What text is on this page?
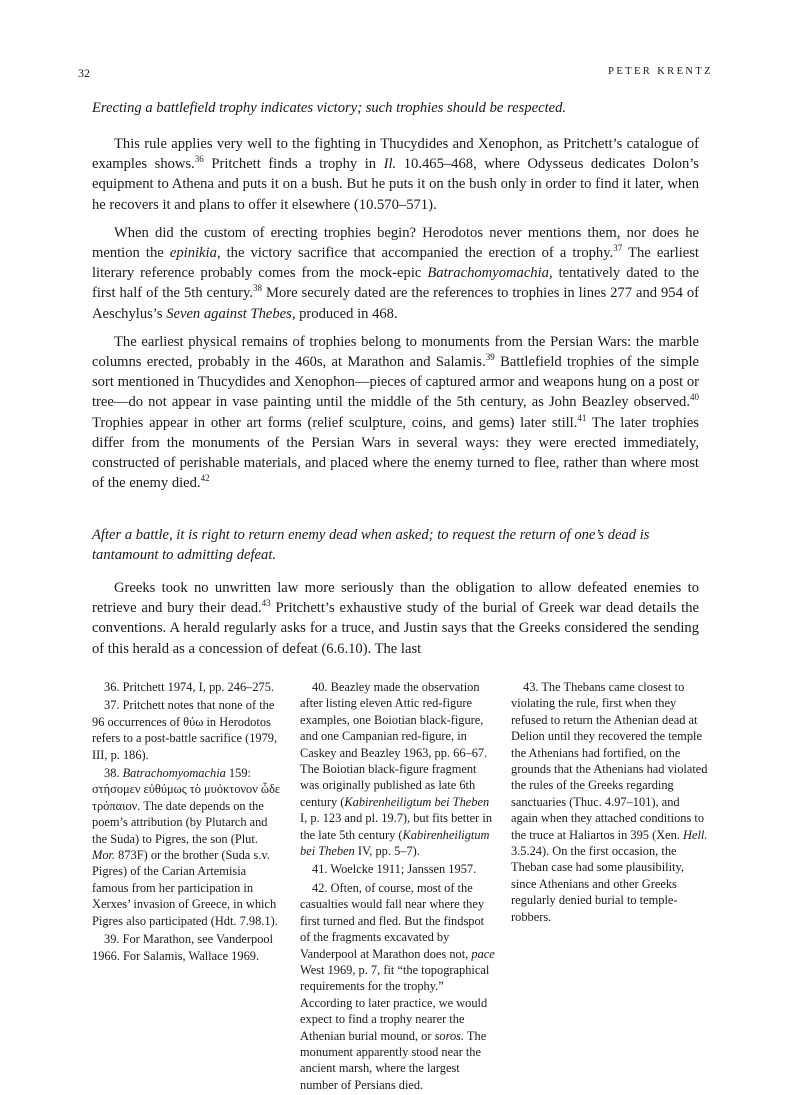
32	PETER KRENTZ

Erecting a battlefield trophy indicates victory; such trophies should be respected.

This rule applies very well to the fighting in Thucydides and Xenophon, as Pritchett’s catalogue of examples shows.$^{36}$ Pritchett finds a trophy in Il. 10.465–468, where Odysseus dedicates Dolon’s equipment to Athena and puts it on a bush. But he puts it on the bush only in order to find it later, when he recovers it and plans to offer it elsewhere (10.570–571).

When did the custom of erecting trophies begin? Herodotos never mentions them, nor does he mention the epinikia, the victory sacrifice that accompanied the erection of a trophy.$^{37}$ The earliest literary reference probably comes from the mock-epic Batrachomyomachia, tentatively dated to the first half of the 5th century.$^{38}$ More securely dated are the references to trophies in lines 277 and 954 of Aeschylus’s Seven against Thebes, produced in 468.

The earliest physical remains of trophies belong to monuments from the Persian Wars: the marble columns erected, probably in the 460s, at Marathon and Salamis.$^{39}$ Battlefield trophies of the simple sort mentioned in Thucydides and Xenophon—pieces of captured armor and weapons hung on a post or tree—do not appear in vase painting until the middle of the 5th century, as John Beazley observed.$^{40}$ Trophies appear in other art forms (relief sculpture, coins, and gems) later still.$^{41}$ The later trophies differ from the monuments of the Persian Wars in several ways: they were erected immediately, constructed of perishable materials, and placed where the enemy turned to flee, rather than where most of the enemy died.$^{42}$

After a battle, it is right to return enemy dead when asked; to request the return of one’s dead is tantamount to admitting defeat.

Greeks took no unwritten law more seriously than the obligation to allow defeated enemies to retrieve and bury their dead.$^{43}$ Pritchett’s exhaustive study of the burial of Greek war dead details the conventions. A herald regularly asks for a truce, and Justin says that the Greeks considered the sending of this herald as a concession of defeat (6.6.10). The last

36. Pritchett 1974, I, pp. 246–275.

37. Pritchett notes that none of the 96 occurrences of θύω in Herodotos refers to a post-battle sacrifice (1979, III, p. 186).

38. Batrachomyomachia 159: στήσομεν εὐθύμως τὸ μυόκτονον ὧδε τρόπαιον. The date depends on the poem’s attribution (by Plutarch and the Suda) to Pigres, the son (Plut. Mor. 873F) or the brother (Suda s.v. Pigres) of the Carian Artemisia famous from her participation in Xerxes’ invasion of Greece, in which Pigres also participated (Hdt. 7.98.1).

39. For Marathon, see Vanderpool 1966. For Salamis, Wallace 1969.

40. Beazley made the observation after listing eleven Attic red-figure examples, one Boiotian black-figure, and one Campanian red-figure, in Caskey and Beazley 1963, pp. 66–67. The Boiotian black-figure fragment was originally published as late 6th century (Kabirenheiligtum bei Theben I, p. 123 and pl. 19.7), but fits better in the late 5th century (Kabirenheiligtum bei Theben IV, pp. 5–7).

41. Woelcke 1911; Janssen 1957.

42. Often, of course, most of the casualties would fall near where they first turned and fled. But the findspot of the fragments excavated by Vanderpool at Marathon does not, pace West 1969, p. 7, fit “the topographical requirements for the trophy.” According to later practice, we would expect to find a trophy nearer the Athenian burial mound, or soros. The monument apparently stood near the ancient marsh, where the largest number of Persians died.

43. The Thebans came closest to violating the rule, first when they refused to return the Athenian dead at Delion until they recovered the temple the Athenians had fortified, on the grounds that the Athenians had violated the rules of the Greeks regarding sanctuaries (Thuc. 4.97–101), and again when they attached conditions to the truce at Haliartos in 395 (Xen. Hell. 3.5.24). On the first occasion, the Theban case had some plausibility, since Athenians and other Greeks regularly denied burial to temple-robbers.
